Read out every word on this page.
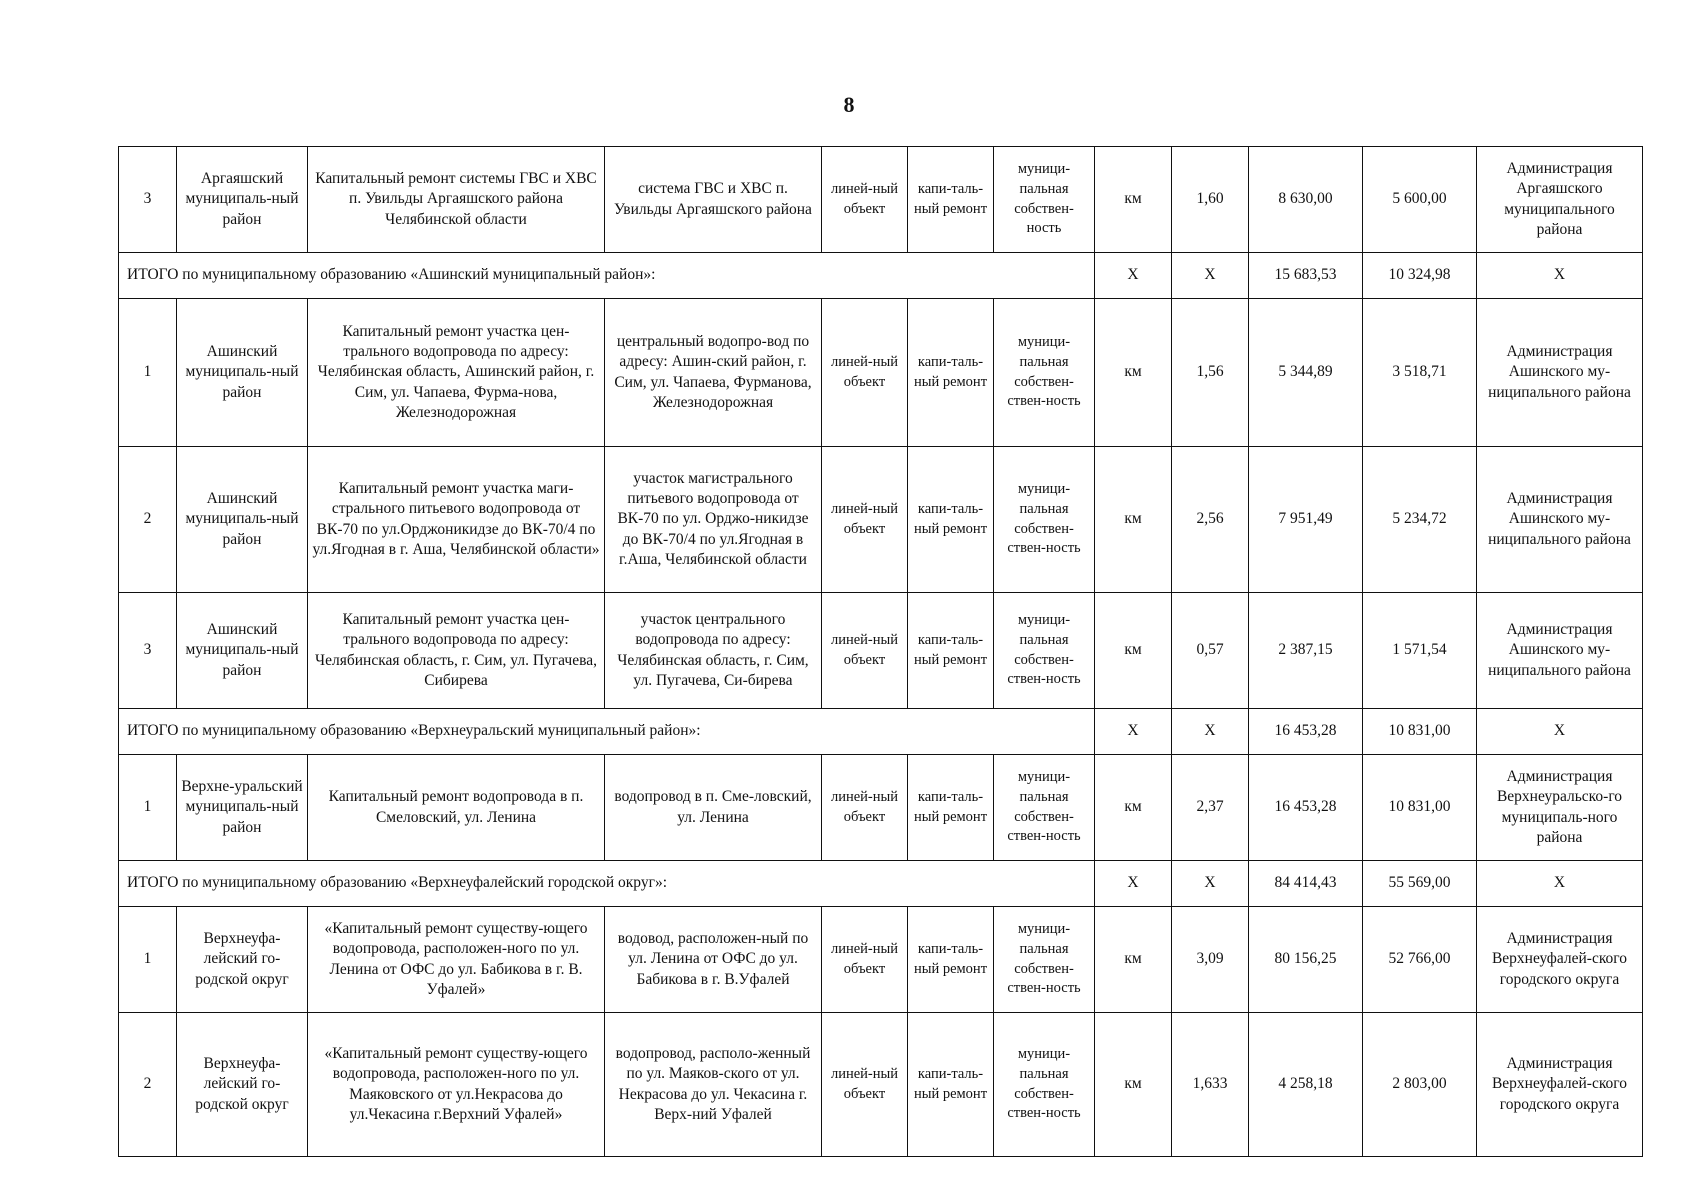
8
3	Аргаяшский муниципаль-ный район	Капитальный ремонт системы ГВС и ХВС п. Увильды Аргаяшского района Челябинской области	система ГВС и ХВС п. Увильды Аргаяшского района	линей-ный объект	капи-таль-ный ремонт	муници-пальная собствен-ность	км	1,60	8 630,00	5 600,00	Администрация Аргаяшского муниципального района
ИТОГО по муниципальному образованию «Ашинский муниципальный район»:							X	X	15 683,53	10 324,98	X
1	Ашинский муниципаль-ный район	Капитальный ремонт участка цен-трального водопровода по адресу: Челябинская область, Ашинский район, г. Сим, ул. Чапаева, Фурма-нова, Железнодорожная	центральный водопро-вод по адресу: Ашин-ский район, г. Сим, ул. Чапаева, Фурманова, Железнодорожная	линей-ный объект	капи-таль-ный ремонт	муници-пальная собствен-ствен-ность	км	1,56	5 344,89	3 518,71	Администрация Ашинского му-ниципального района
2	Ашинский муниципаль-ный район	Капитальный ремонт участка маги-стрального питьевого водопровода от ВК-70 по ул.Орджоникидзе до ВК-70/4 по ул.Ягодная в г. Аша, Челябинской области»	участок магистрального питьевого водопровода от ВК-70 по ул. Орджо-никидзе до ВК-70/4 по ул.Ягодная в г.Аша, Челябинской области	линей-ный объект	капи-таль-ный ремонт	муници-пальная собствен-ствен-ность	км	2,56	7 951,49	5 234,72	Администрация Ашинского му-ниципального района
3	Ашинский муниципаль-ный район	Капитальный ремонт участка цен-трального водопровода по адресу: Челябинская область, г. Сим, ул. Пугачева, Сибирева	участок центрального водопровода по адресу: Челябинская область, г. Сим, ул. Пугачева, Си-бирева	линей-ный объект	капи-таль-ный ремонт	муници-пальная собствен-ствен-ность	км	0,57	2 387,15	1 571,54	Администрация Ашинского му-ниципального района
ИТОГО по муниципальному образованию «Верхнеуральский муниципальный район»:							X	X	16 453,28	10 831,00	X
1	Верхне-уральский муниципаль-ный район	Капитальный ремонт водопровода в п. Смеловский, ул. Ленина	водопровод в п. Сме-ловский, ул. Ленина	линей-ный объект	капи-таль-ный ремонт	муници-пальная собствен-ствен-ность	км	2,37	16 453,28	10 831,00	Администрация Верхнеуральско-го муниципаль-ного района
ИТОГО по муниципальному образованию «Верхнеуфалейский городской округ»:							X	X	84 414,43	55 569,00	X
1	Верхнеуфа-лейский го-родской округ	«Капитальный ремонт существу-ющего водопровода, расположен-ного по ул. Ленина от ОФС до ул. Бабикова в г. В. Уфалей»	водовод, расположен-ный по ул. Ленина от ОФС до ул. Бабикова в г. В.Уфалей	линей-ный объект	капи-таль-ный ремонт	муници-пальная собствен-ствен-ность	км	3,09	80 156,25	52 766,00	Администрация Верхнеуфалей-ского городского округа
2	Верхнеуфа-лейский го-родской округ	«Капитальный ремонт существу-ющего водопровода, расположен-ного по ул. Маяковского от ул.Некрасова до ул.Чекасина г.Верхний Уфалей»	водопровод, располо-женный по ул. Маяков-ского от ул. Некрасова до ул. Чекасина г. Верх-ний Уфалей	линей-ный объект	капи-таль-ный ремонт	муници-пальная собствен-ствен-ность	км	1,633	4 258,18	2 803,00	Администрация Верхнеуфалей-ского городского округа
